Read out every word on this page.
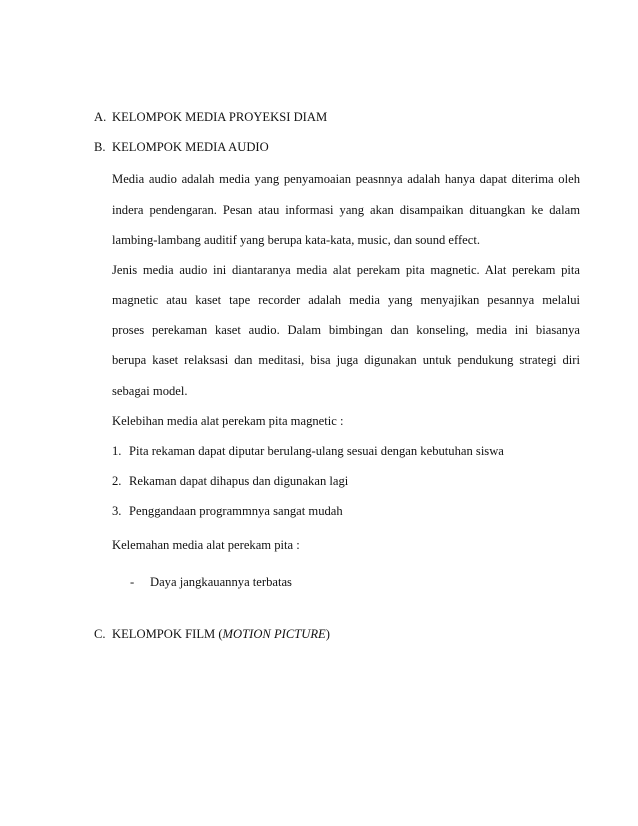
A. KELOMPOK MEDIA PROYEKSI DIAM
B. KELOMPOK MEDIA AUDIO
Media audio adalah media yang penyamoaian peasnnya adalah hanya dapat diterima oleh
indera pendengaran. Pesan atau informasi yang akan disampaikan dituangkan ke dalam
lambing-lambang auditif yang berupa kata-kata, music, dan sound effect.
Jenis media audio ini diantaranya media alat perekam pita magnetic. Alat perekam pita
magnetic atau kaset tape recorder adalah media yang menyajikan pesannya melalui
proses perekaman kaset audio. Dalam bimbingan dan konseling, media ini biasanya
berupa kaset relaksasi dan meditasi, bisa juga digunakan untuk pendukung strategi diri
sebagai model.
Kelebihan media alat perekam pita magnetic :
1. Pita rekaman dapat diputar berulang-ulang sesuai dengan kebutuhan siswa
2. Rekaman dapat dihapus dan digunakan lagi
3. Penggandaan programmnya sangat mudah
Kelemahan media alat perekam pita :
- Daya jangkauannya terbatas
C. KELOMPOK FILM (MOTION PICTURE)
